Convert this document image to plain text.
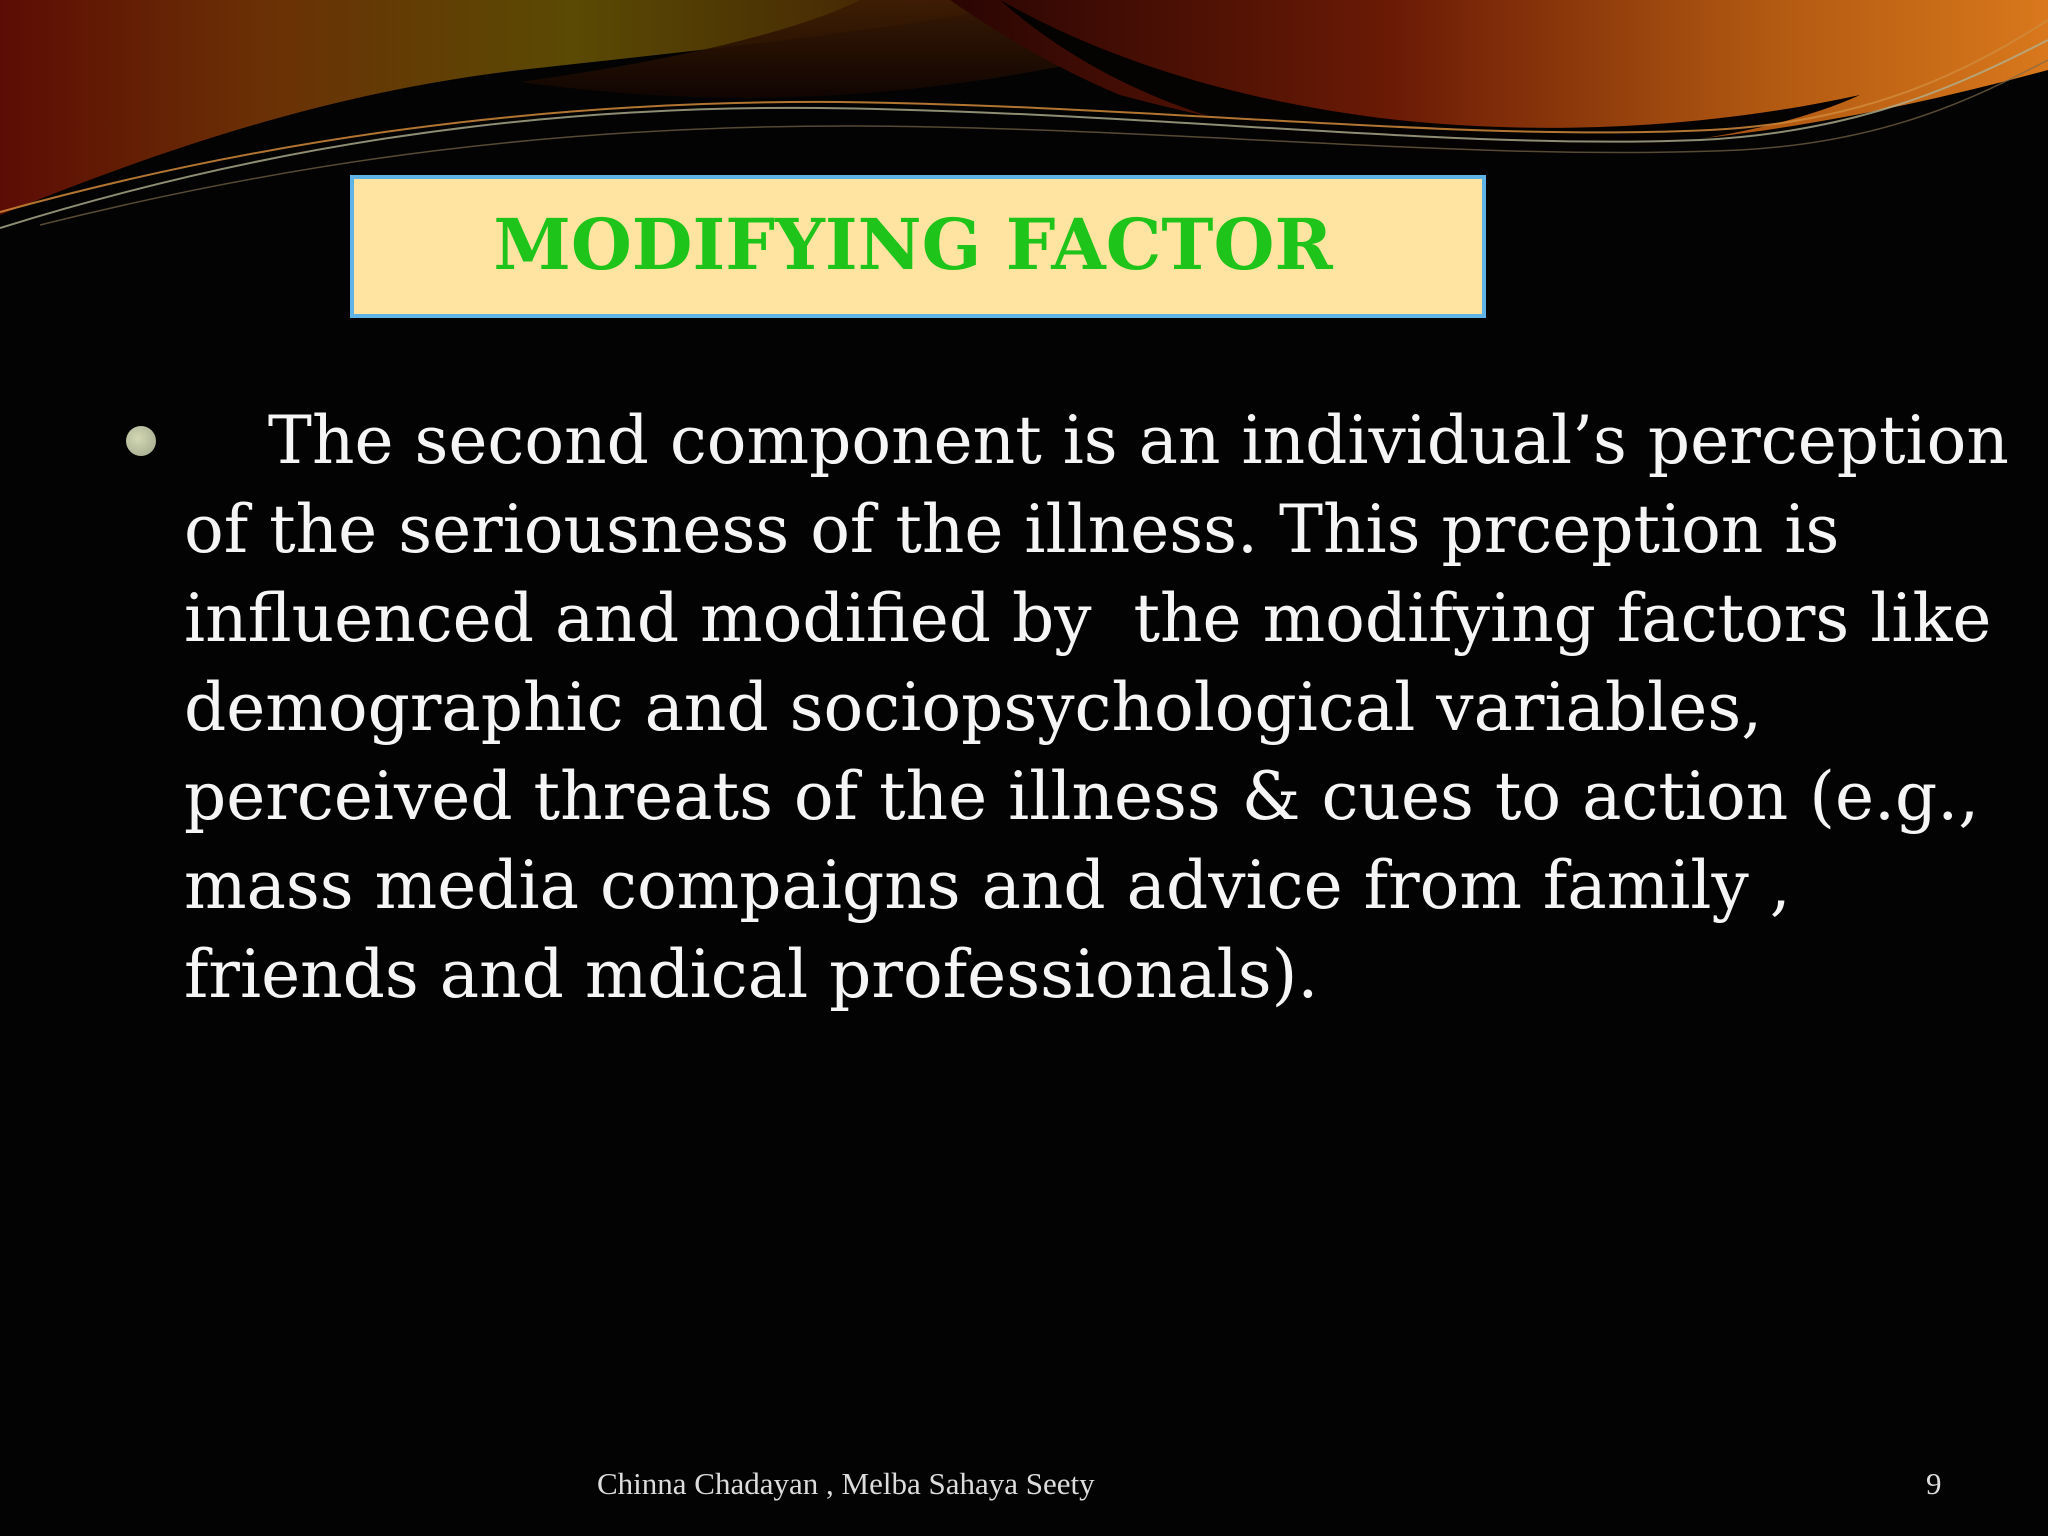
MODIFYING FACTOR

The second component is an individual’s perception
of the seriousness of the illness. This prception is
influenced and modified by  the modifying factors like
demographic and sociopsychological variables,
perceived threats of the illness & cues to action (e.g.,
mass media compaigns and advice from family ,
friends and mdical professionals).

Chinna Chadayan , Melba Sahaya Seety	9
